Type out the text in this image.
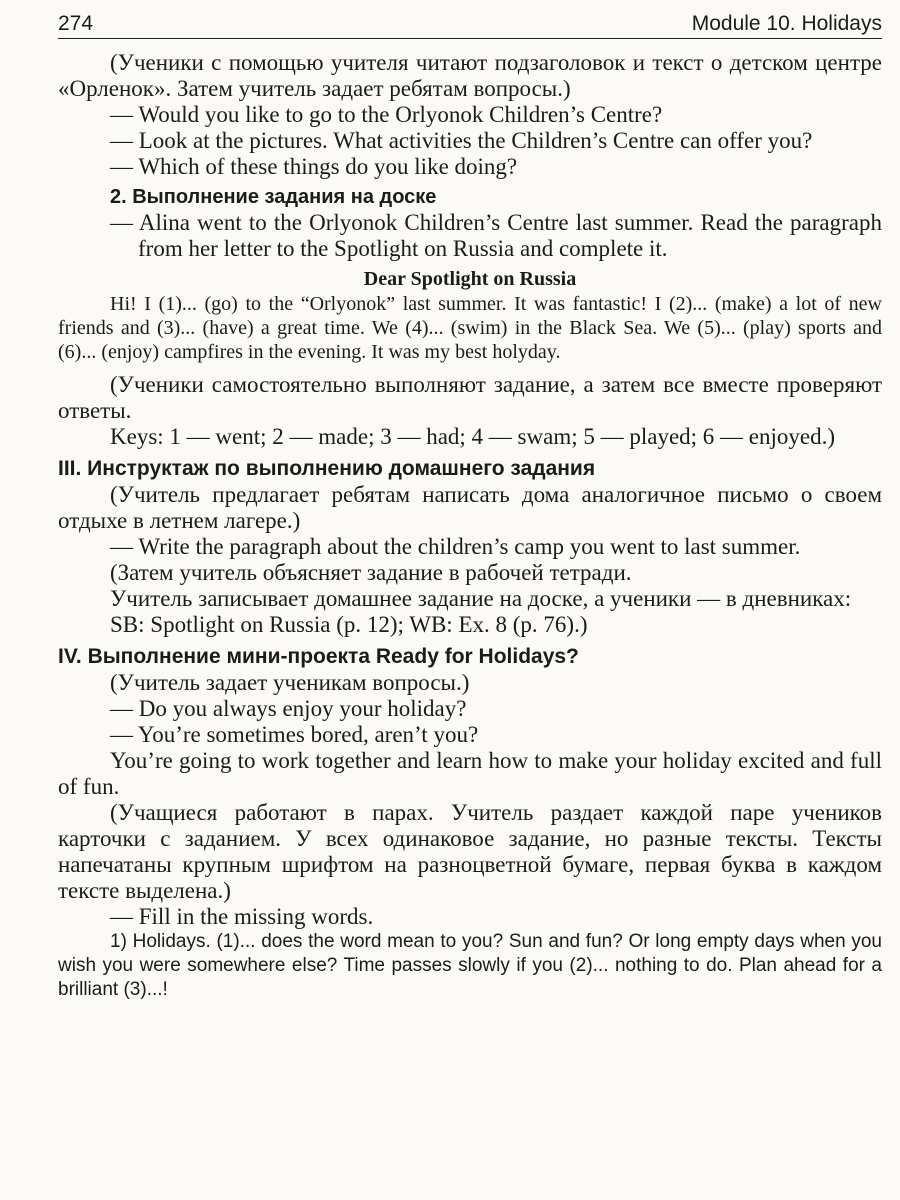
274	Module 10. Holidays

(Ученики с помощью учителя читают подзаголовок и текст о детском центре «Орленок». Затем учитель задает ребятам вопросы.)

— Would you like to go to the Orlyonok Children’s Centre?

— Look at the pictures. What activities the Children’s Centre can offer you?

— Which of these things do you like doing?

2. Выполнение задания на доске

— Alina went to the Orlyonok Children’s Centre last summer. Read the paragraph from her letter to the Spotlight on Russia and complete it.

Dear Spotlight on Russia

Hi! I (1)... (go) to the “Orlyonok” last summer. It was fantastic! I (2)... (make) a lot of new friends and (3)... (have) a great time. We (4)... (swim) in the Black Sea. We (5)... (play) sports and (6)... (enjoy) campfires in the evening. It was my best holyday.

(Ученики самостоятельно выполняют задание, а затем все вместе проверяют ответы.

Keys: 1 — went; 2 — made; 3 — had; 4 — swam; 5 — played; 6 — enjoyed.)

III. Инструктаж по выполнению домашнего задания

(Учитель предлагает ребятам написать дома аналогичное письмо о своем отдыхе в летнем лагере.)

— Write the paragraph about the children’s camp you went to last summer.

(Затем учитель объясняет задание в рабочей тетради.

Учитель записывает домашнее задание на доске, а ученики — в дневниках:

SB: Spotlight on Russia (p. 12); WB: Ex. 8 (p. 76).)

IV. Выполнение мини-проекта Ready for Holidays?

(Учитель задает ученикам вопросы.)

— Do you always enjoy your holiday?

— You’re sometimes bored, aren’t you?

You’re going to work together and learn how to make your holiday excited and full of fun.

(Учащиеся работают в парах. Учитель раздает каждой паре учеников карточки с заданием. У всех одинаковое задание, но разные тексты. Тексты напечатаны крупным шрифтом на разноцветной бумаге, первая буква в каждом тексте выделена.)

— Fill in the missing words.

1) Holidays. (1)... does the word mean to you? Sun and fun? Or long empty days when you wish you were somewhere else? Time passes slowly if you (2)... nothing to do. Plan ahead for a brilliant (3)...!
